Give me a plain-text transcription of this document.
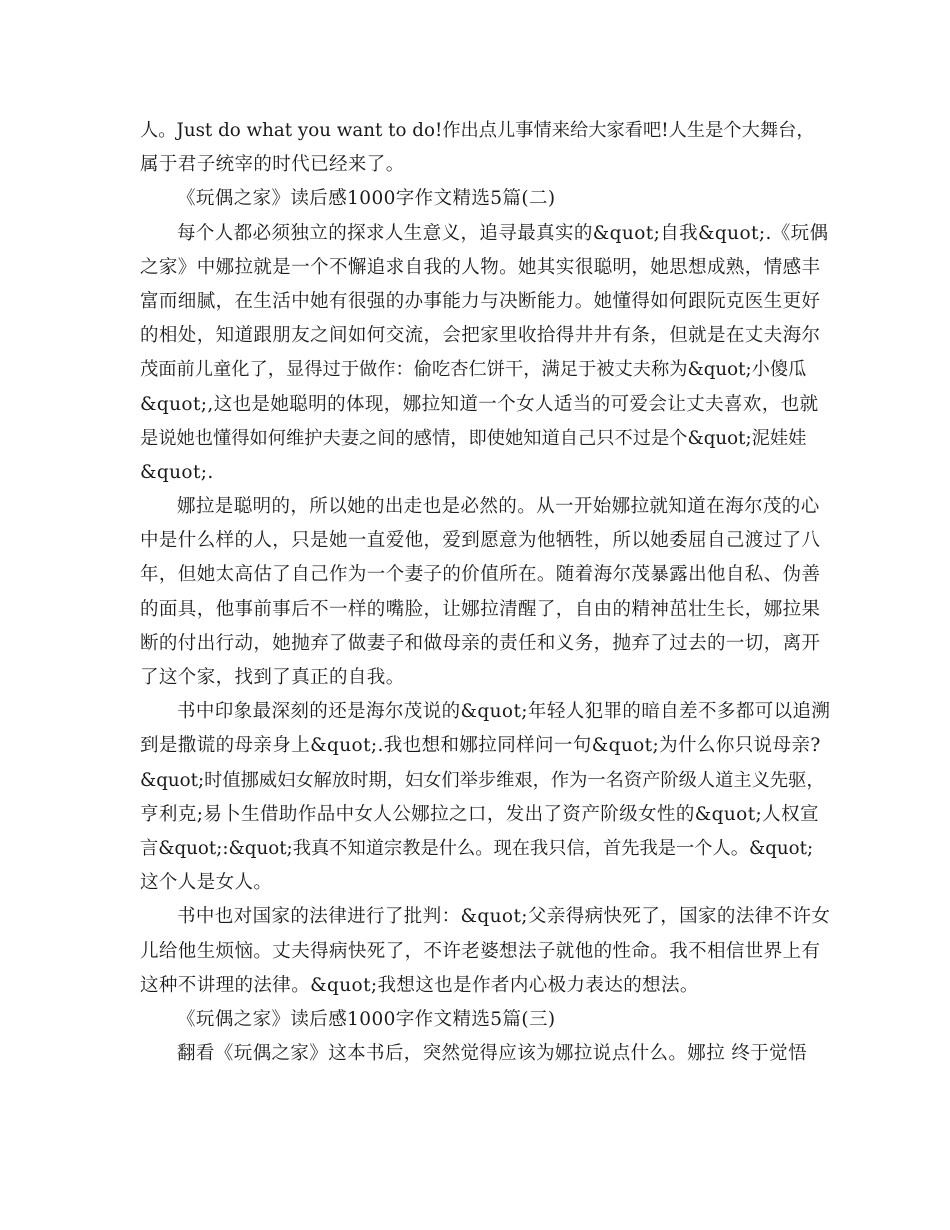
人。Just do what you want to do!作出点儿事情来给大家看吧!人生是个大舞台，
属于君子统宰的时代已经来了。
《玩偶之家》读后感1000字作文精选5篇(二)
每个人都必须独立的探求人生意义，追寻最真实的&quot;自我&quot;.《玩偶
之家》中娜拉就是一个不懈追求自我的人物。她其实很聪明，她思想成熟，情感丰
富而细腻，在生活中她有很强的办事能力与决断能力。她懂得如何跟阮克医生更好
的相处，知道跟朋友之间如何交流，会把家里收拾得井井有条，但就是在丈夫海尔
茂面前儿童化了，显得过于做作：偷吃杏仁饼干，满足于被丈夫称为&quot;小傻瓜
&quot;,这也是她聪明的体现，娜拉知道一个女人适当的可爱会让丈夫喜欢，也就
是说她也懂得如何维护夫妻之间的感情，即使她知道自己只不过是个&quot;泥娃娃
&quot;.
娜拉是聪明的，所以她的出走也是必然的。从一开始娜拉就知道在海尔茂的心
中是什么样的人，只是她一直爱他，爱到愿意为他牺牲，所以她委屈自己渡过了八
年，但她太高估了自己作为一个妻子的价值所在。随着海尔茂暴露出他自私、伪善
的面具，他事前事后不一样的嘴脸，让娜拉清醒了，自由的精神茁壮生长，娜拉果
断的付出行动，她抛弃了做妻子和做母亲的责任和义务，抛弃了过去的一切，离开
了这个家，找到了真正的自我。
书中印象最深刻的还是海尔茂说的&quot;年轻人犯罪的暗自差不多都可以追溯
到是撒谎的母亲身上&quot;.我也想和娜拉同样问一句&quot;为什么你只说母亲?
&quot;时值挪威妇女解放时期，妇女们举步维艰，作为一名资产阶级人道主义先驱，
亨利克;易卜生借助作品中女人公娜拉之口，发出了资产阶级女性的&quot;人权宣
言&quot;:&quot;我真不知道宗教是什么。现在我只信，首先我是一个人。&quot;
这个人是女人。
书中也对国家的法律进行了批判：&quot;父亲得病快死了，国家的法律不许女
儿给他生烦恼。丈夫得病快死了，不许老婆想法子就他的性命。我不相信世界上有
这种不讲理的法律。&quot;我想这也是作者内心极力表达的想法。
《玩偶之家》读后感1000字作文精选5篇(三)
翻看《玩偶之家》这本书后，突然觉得应该为娜拉说点什么。娜拉 终于觉悟
